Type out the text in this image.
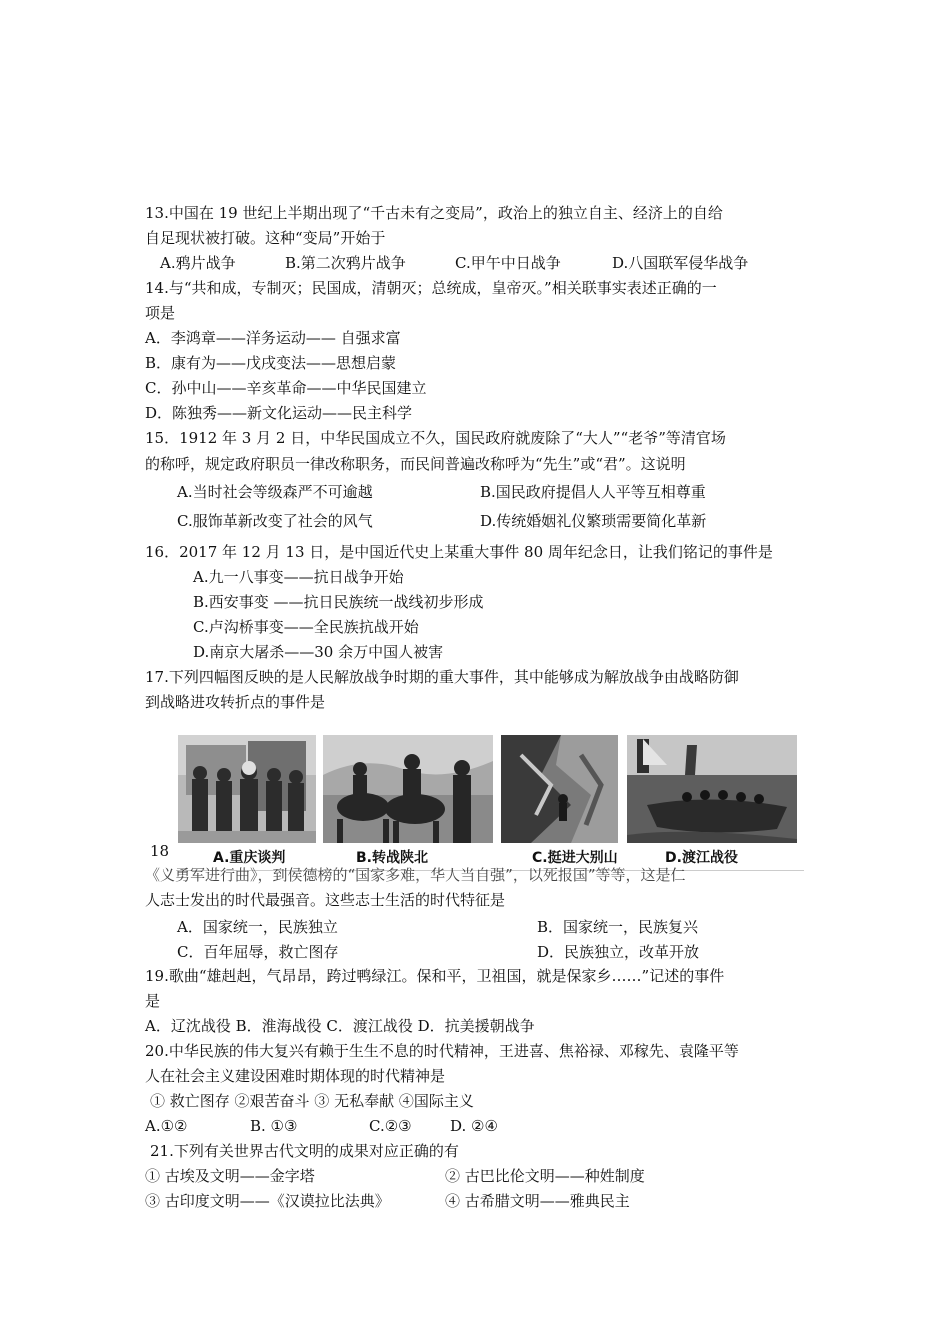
13.中国在 19 世纪上半期出现了“千古未有之变局”，政治上的独立自主、经济上的自给
自足现状被打破。这种“变局”开始于
A.鸦片战争	B.第二次鸦片战争	C.甲午中日战争	D.八国联军侵华战争
14.与“共和成，专制灭；民国成，清朝灭；总统成，皇帝灭。”相关联事实表述正确的一
项是
A．李鸿章——洋务运动—— 自强求富
B．康有为——戊戌变法——思想启蒙
C．孙中山——辛亥革命——中华民国建立
D．陈独秀——新文化运动——民主科学
15．1912 年 3 月 2 日，中华民国成立不久，国民政府就废除了“大人”“老爷”等清官场
的称呼，规定政府职员一律改称职务，而民间普遍改称呼为“先生”或“君”。这说明
A.当时社会等级森严不可逾越	B.国民政府提倡人人平等互相尊重
C.服饰革新改变了社会的风气	D.传统婚姻礼仪繁琐需要简化革新
16．2017 年 12 月 13 日，是中国近代史上某重大事件 80 周年纪念日，让我们铭记的事件是
A.九一八事变——抗日战争开始
B.西安事变 ——抗日民族统一战线初步形成
C.卢沟桥事变——全民族抗战开始
D.南京大屠杀——30 余万中国人被害
17.下列四幅图反映的是人民解放战争时期的重大事件，其中能够成为解放战争由战略防御
到战略进攻转折点的事件是
A.重庆谈判	B.转战陕北	C.挺进大别山	D.渡江战役
18
《义勇军进行曲》，到侯德榜的“国家多难，华人当自强”，以死报国”等等，这是仁
人志士发出的时代最强音。这些志士生活的时代特征是
A．国家统一，民族独立	B．国家统一，民族复兴
C．百年屈辱，救亡图存	D．民族独立，改革开放
19.歌曲“雄赳赳，气昂昂，跨过鸭绿江。保和平，卫祖国，就是保家乡……”记述的事件
是
A．辽沈战役 B．淮海战役 C．渡江战役 D．抗美援朝战争
20.中华民族的伟大复兴有赖于生生不息的时代精神，王进喜、焦裕禄、邓稼先、袁隆平等
人在社会主义建设困难时期体现的时代精神是
① 救亡图存 ②艰苦奋斗 ③ 无私奉献 ④国际主义
A.①②	B. ①③	C.②③	D. ②④
21.下列有关世界古代文明的成果对应正确的有
① 古埃及文明——金字塔	② 古巴比伦文明——种姓制度
③ 古印度文明——《汉谟拉比法典》	④ 古希腊文明——雅典民主
